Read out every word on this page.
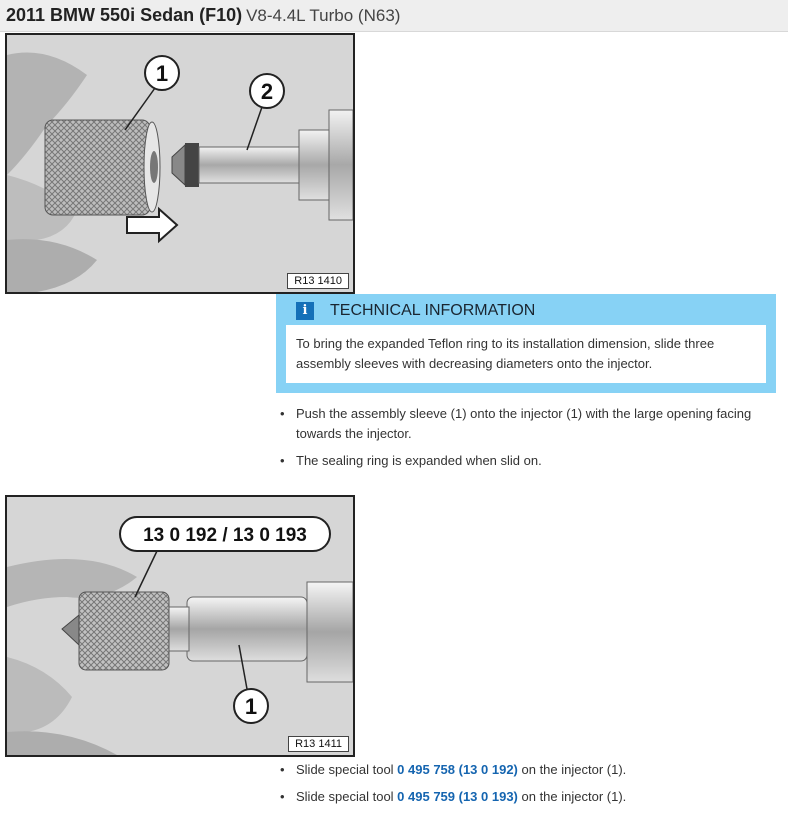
2011 BMW 550i Sedan (F10) V8-4.4L Turbo (N63)
1
2
R13 1410
i	TECHNICAL INFORMATION
To bring the expanded Teflon ring to its installation dimension, slide three assembly sleeves with decreasing diameters onto the injector.
• Push the assembly sleeve (1) onto the injector (1) with the large opening facing towards the injector.
• The sealing ring is expanded when slid on.
13 0 192 / 13 0 193
1
R13 1411
• Slide special tool 0 495 758 (13 0 192) on the injector (1).
• Slide special tool 0 495 759 (13 0 193) on the injector (1).
